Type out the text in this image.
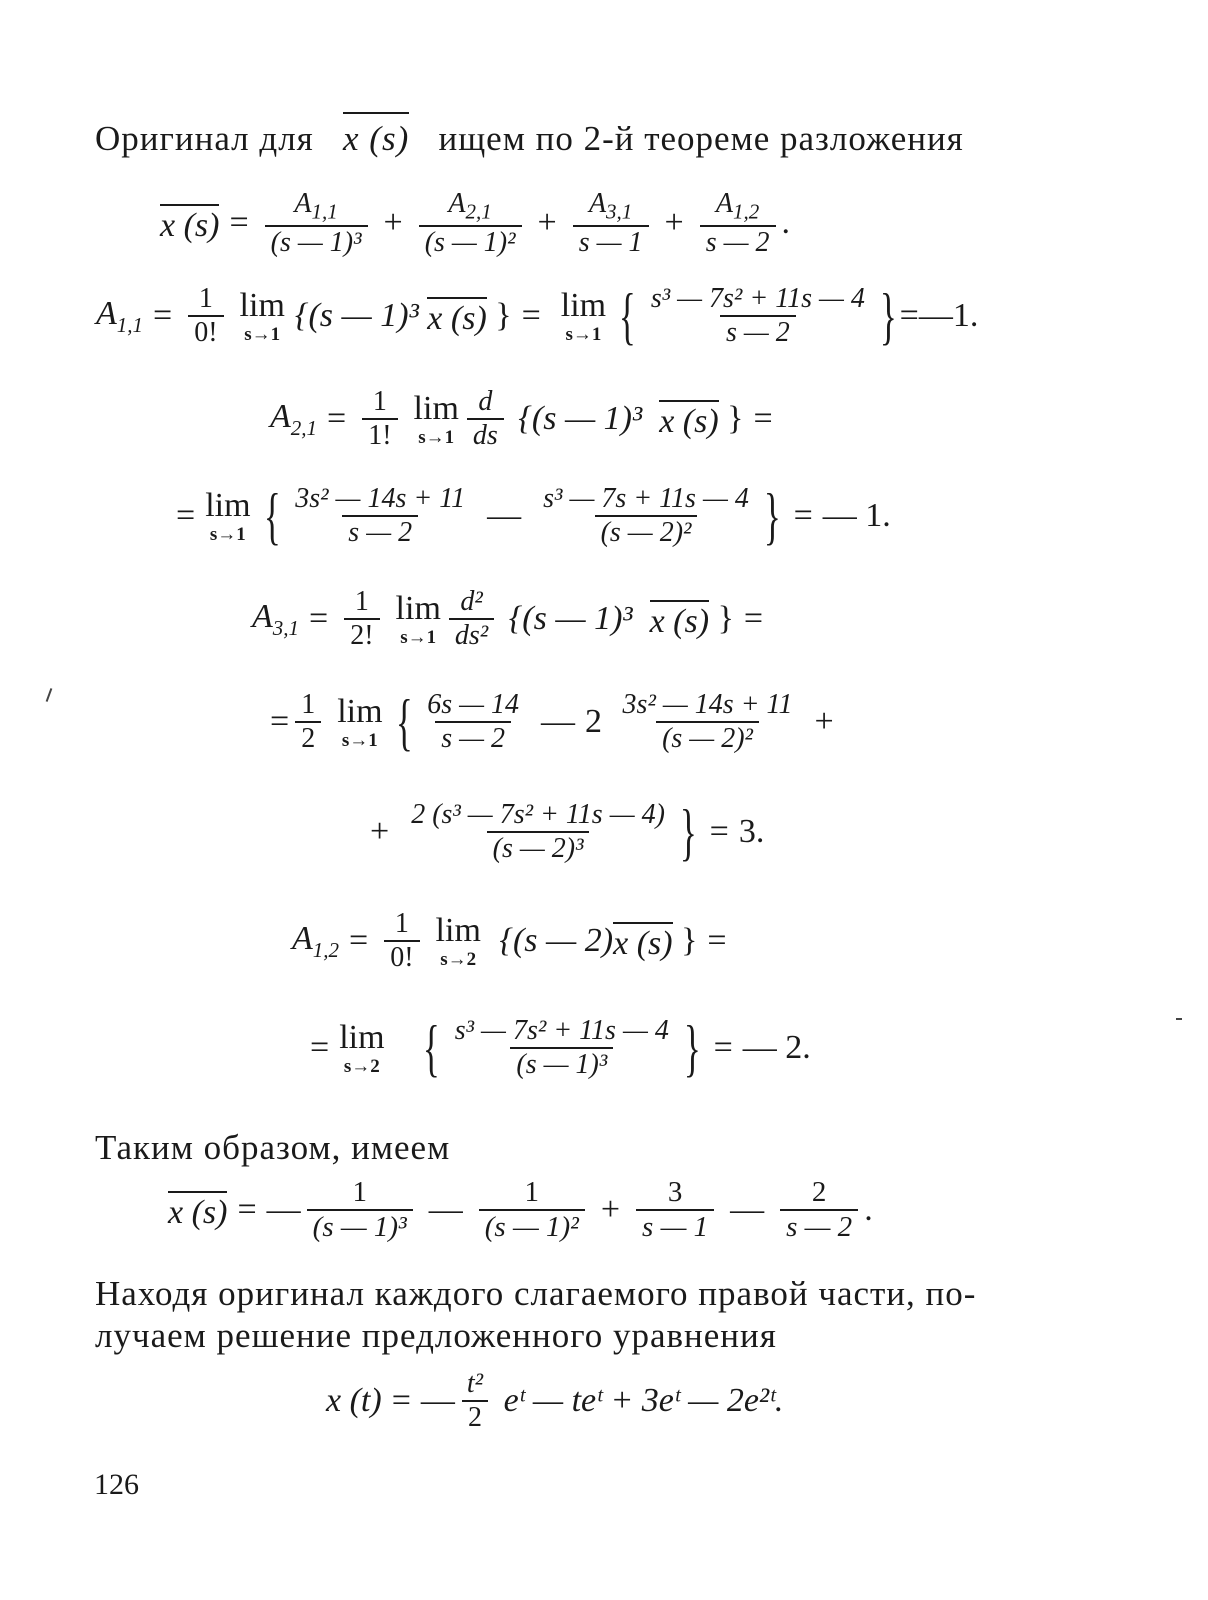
Оригинал для x (s) ищем по 2-й теореме разложения
x $(s) = \frac{A_{1,1}}{\text{(s — 1)³}} + \frac{A_{2,1}}{\text{(s — 1)²}} + \frac{A_{3,1}}{s — 1} + \frac{A_{1,2}}{s — 2}$ .
$A_{1,1} = \frac{1}{0!}$ lim
s→1 {(s — 1)³
x (s)
} = lim
s→1 { $\frac{\text{s³ — 7s² + 11s — 4}}{s — 2}$ } = —1.
$A_{2,1} = \frac{1}{1!}$ lim
$s\to 1 \frac{d}{ds}$
{(s — 1)³
x (s)
} =
= lim
s→1 { $\frac{\text{3s² — 14s + 11}}{s — 2}$ — $\frac{\text{s³ — 7s + 11s — 4}}{\text{(s — 2)²}}$ } = — 1.
$A_{3,1} = \frac{1}{2!}$ lim
$s\to 1 \frac{\text{d²}}{\text{ds²}}$
{(s — 1)³
x (s)
} =
= $\frac{1}{2}$ lim
s→1 { $\frac{6s — 14}{s — 2}$ — 2
$\frac{\text{3s² — 14s + 11}}{\text{(s — 2)²}}$ +
+ $\frac{\text{2 (s³ — 7s² + 11s — 4)}}{\text{(s — 2)³}}$ } = 3.
$A_{1,2} = \frac{1}{0!}$ lim
s→2
{(s — 2) x (s)
} =
= lim
s→2
{ $\frac{\text{s³ — 7s² + 11s — 4}}{\text{(s — 1)³}}$ } = — 2.
Таким образом, имеем
x (s) = — $\frac{1}{\text{(s — 1)³}}$ — $\frac{1}{\text{(s — 1)²}} + \frac{3}{s — 1}$ — $\frac{2}{s — 2}$ .
Находя оригинал каждого слагаемого правой части, по-
лучаем решение предложенного уравнения
x (t) = — $\frac{\text{t²}}{2}$
eᵗ — teᵗ + 3eᵗ — 2e²ᵗ.
126
